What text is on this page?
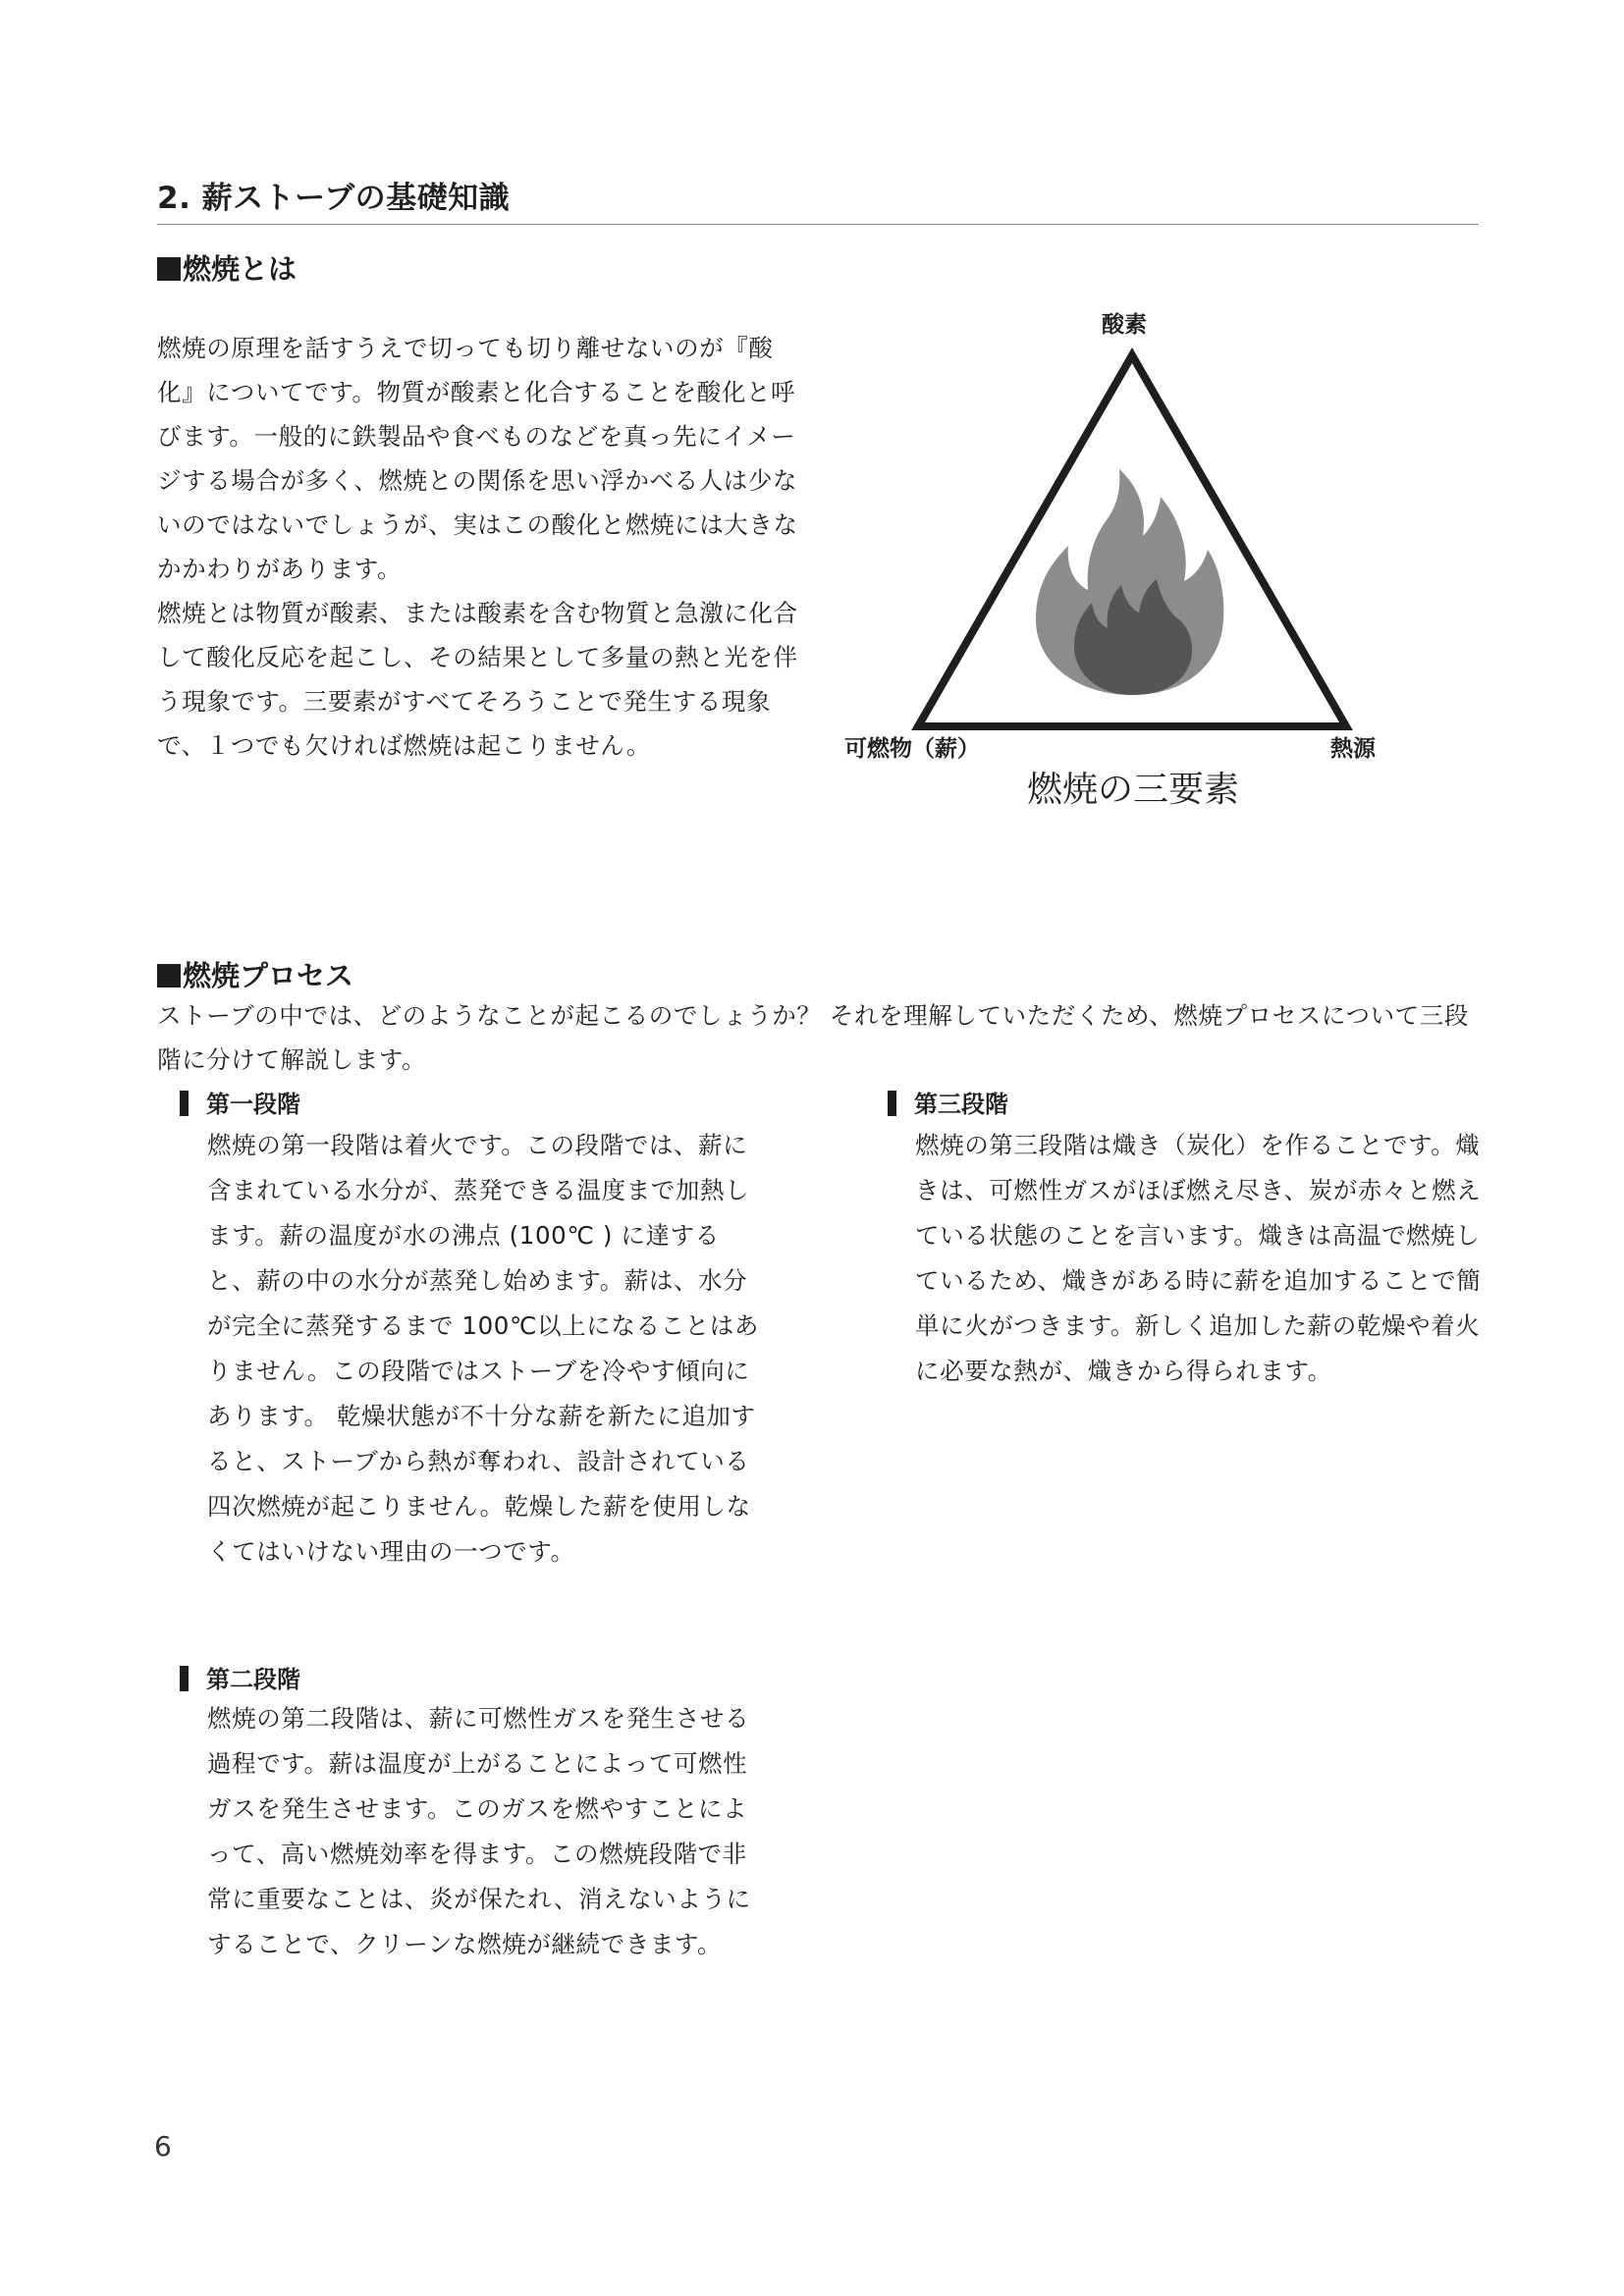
2. 薪ストーブの基礎知識
燃焼とは

燃焼の原理を話すうえで切っても切り離せないのが『酸化』についてです。物質が酸素と化合することを酸化と呼びます。一般的に鉄製品や食べものなどを真っ先にイメージする場合が多く、燃焼との関係を思い浮かべる人は少ないのではないでしょうが、実はこの酸化と燃焼には大きなかかわりがあります。

燃焼とは物質が酸素、または酸素を含む物質と急激に化合して酸化反応を起こし、その結果として多量の熱と光を伴う現象です。三要素がすべてそろうことで発生する現象で、１つでも欠ければ燃焼は起こりません。

酸素
可燃物（薪）	熱源
燃焼の三要素
燃焼プロセス
ストーブの中では、どのようなことが起こるのでしょうか？ それを理解していただくため、燃焼プロセスについて三段階に分けて解説します。
第一段階
燃焼の第一段階は着火です。この段階では、薪に含まれている水分が、蒸発できる温度まで加熱します。薪の温度が水の沸点 (100℃ ) に達すると、薪の中の水分が蒸発し始めます。薪は、水分が完全に蒸発するまで 100℃以上になることはありません。この段階ではストーブを冷やす傾向にあります。 乾燥状態が不十分な薪を新たに追加すると、ストーブから熱が奪われ、設計されている四次燃焼が起こりません。乾燥した薪を使用しなくてはいけない理由の一つです。
第二段階
燃焼の第二段階は、薪に可燃性ガスを発生させる過程です。薪は温度が上がることによって可燃性ガスを発生させます。このガスを燃やすことによって、高い燃焼効率を得ます。この燃焼段階で非常に重要なことは、炎が保たれ、消えないようにすることで、クリーンな燃焼が継続できます。
第三段階
燃焼の第三段階は熾き（炭化）を作ることです。熾きは、可燃性ガスがほぼ燃え尽き、炭が赤々と燃えている状態のことを言います。熾きは高温で燃焼しているため、熾きがある時に薪を追加することで簡単に火がつきます。新しく追加した薪の乾燥や着火に必要な熱が、熾きから得られます。
6
